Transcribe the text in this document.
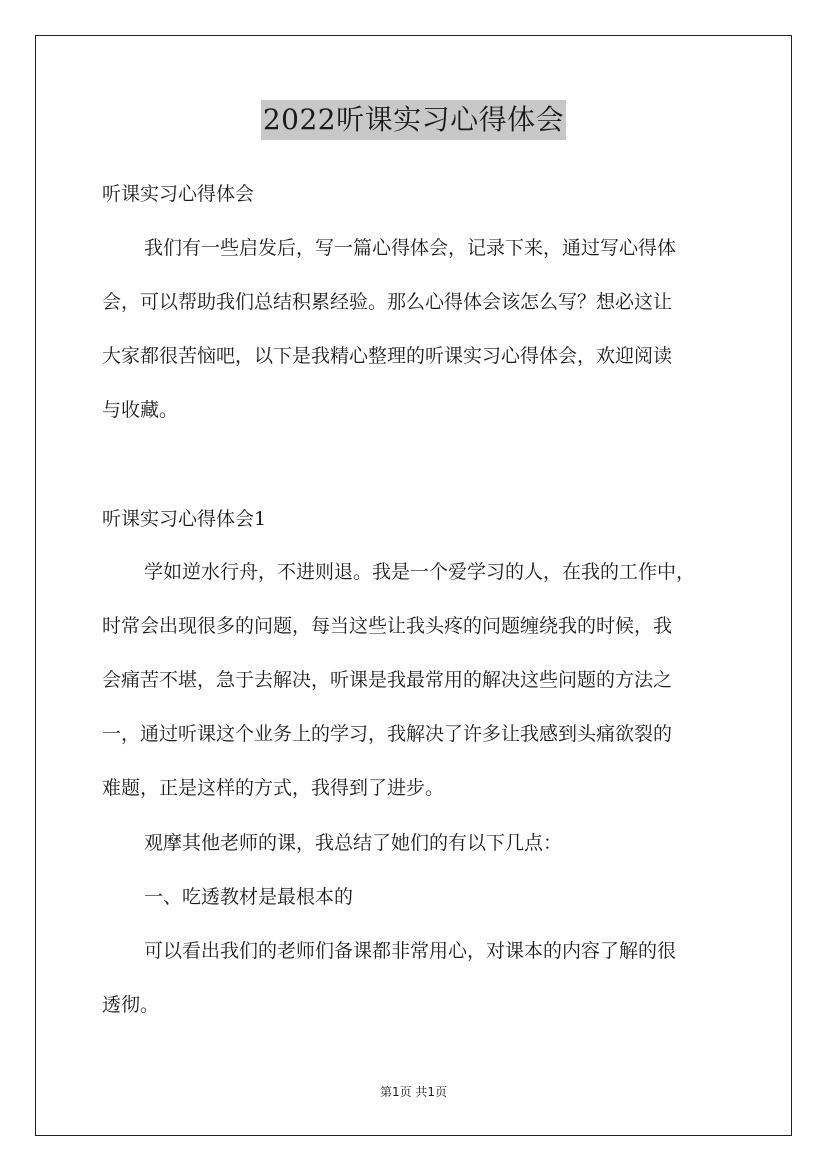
2022听课实习心得体会
听课实习心得体会
我们有一些启发后，写一篇心得体会，记录下来，通过写心得体
会，可以帮助我们总结积累经验。那么心得体会该怎么写？想必这让
大家都很苦恼吧，以下是我精心整理的听课实习心得体会，欢迎阅读
与收藏。
听课实习心得体会1
学如逆水行舟，不进则退。我是一个爱学习的人，在我的工作中，
时常会出现很多的问题，每当这些让我头疼的问题缠绕我的时候，我
会痛苦不堪，急于去解决，听课是我最常用的解决这些问题的方法之
一，通过听课这个业务上的学习，我解决了许多让我感到头痛欲裂的
难题，正是这样的方式，我得到了进步。
观摩其他老师的课，我总结了她们的有以下几点：
一、吃透教材是最根本的
可以看出我们的老师们备课都非常用心，对课本的内容了解的很
透彻。
第1页 共1页
